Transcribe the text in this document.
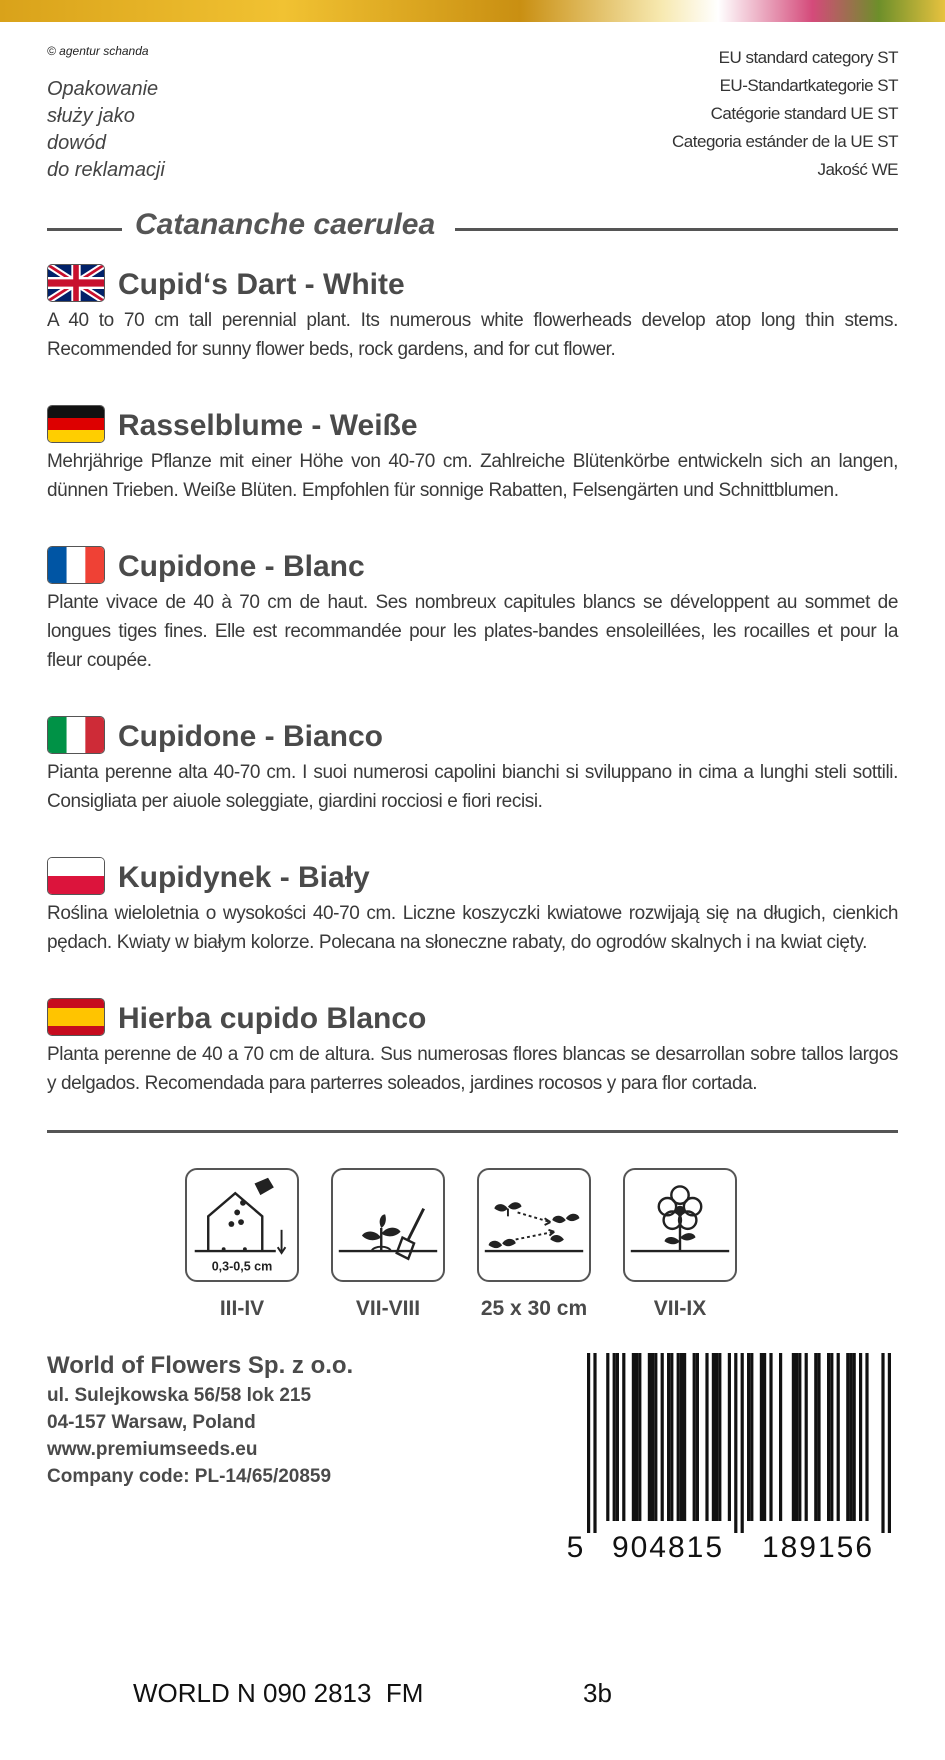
© agentur schanda
Opakowanie
służy jako
dowód
do reklamacji
EU standard category ST
EU-Standartkategorie ST
Catégorie standard UE ST
Categoria estánder de la UE ST
Jakość WE
Catananche caerulea
Cupid‘s Dart - White
A 40 to 70 cm tall perennial plant. Its numerous white flowerheads develop atop long thin stems. Recommended for sunny flower beds, rock gardens, and for cut flower.
Rasselblume - Weiße
Mehrjährige Pflanze mit einer Höhe von 40-70 cm. Zahlreiche Blütenkörbe entwickeln sich an langen, dünnen Trieben. Weiße Blüten. Empfohlen für sonnige Rabatten, Felsengärten und Schnittblumen.
Cupidone - Blanc
Plante vivace de 40 à 70 cm de haut. Ses nombreux capitules blancs se développent au sommet de longues tiges fines. Elle est recommandée pour les plates-bandes ensoleillées, les rocailles et pour la fleur coupée.
Cupidone - Bianco
Pianta perenne alta 40-70 cm. I suoi numerosi capolini bianchi si sviluppano in cima a lunghi steli sottili. Consigliata per aiuole soleggiate, giardini rocciosi e fiori recisi.
Kupidynek - Biały
Roślina wieloletnia o wysokości 40-70 cm. Liczne koszyczki kwiatowe rozwijają się na długich, cienkich pędach. Kwiaty w białym kolorze. Polecana na słoneczne rabaty, do ogrodów skalnych i na kwiat cięty.
Hierba cupido Blanco
Planta perenne de 40 a 70 cm de altura. Sus numerosas flores blancas se desarrollan sobre tallos largos y delgados. Recomendada para parterres soleados, jardines rocosos y para flor cortada.
0,3-0,5 cm
III-IV	VII-VIII	25 x 30 cm	VII-IX
World of Flowers Sp. z o.o.
ul. Sulejkowska 56/58 lok 215
04-157 Warsaw, Poland
www.premiumseeds.eu
Company code: PL-14/65/20859
5 904815 189156
WORLD N 090 2813  FM	3b
